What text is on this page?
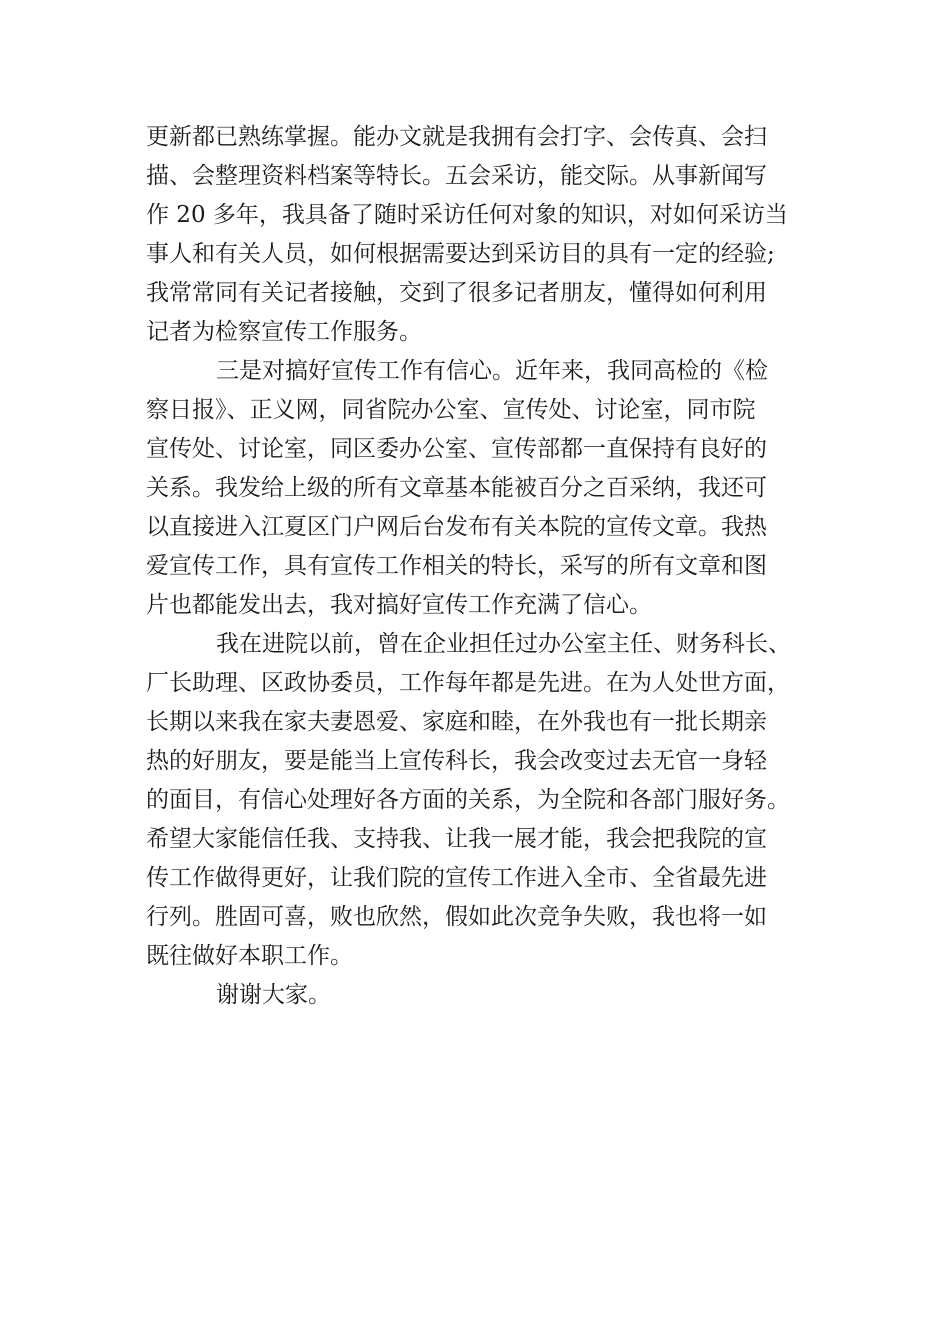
更新都已熟练掌握。能办文就是我拥有会打字、会传真、会扫
描、会整理资料档案等特长。五会采访，能交际。从事新闻写
作 20 多年，我具备了随时采访任何对象的知识，对如何采访当
事人和有关人员，如何根据需要达到采访目的具有一定的经验;
我常常同有关记者接触，交到了很多记者朋友，懂得如何利用
记者为检察宣传工作服务。
三是对搞好宣传工作有信心。近年来，我同高检的《检
察日报》、正义网，同省院办公室、宣传处、讨论室，同市院
宣传处、讨论室，同区委办公室、宣传部都一直保持有良好的
关系。我发给上级的所有文章基本能被百分之百采纳，我还可
以直接进入江夏区门户网后台发布有关本院的宣传文章。我热
爱宣传工作，具有宣传工作相关的特长，采写的所有文章和图
片也都能发出去，我对搞好宣传工作充满了信心。
我在进院以前，曾在企业担任过办公室主任、财务科长、
厂长助理、区政协委员，工作每年都是先进。在为人处世方面，
长期以来我在家夫妻恩爱、家庭和睦，在外我也有一批长期亲
热的好朋友，要是能当上宣传科长，我会改变过去无官一身轻
的面目，有信心处理好各方面的关系，为全院和各部门服好务。
希望大家能信任我、支持我、让我一展才能，我会把我院的宣
传工作做得更好，让我们院的宣传工作进入全市、全省最先进
行列。胜固可喜，败也欣然，假如此次竞争失败，我也将一如
既往做好本职工作。
谢谢大家。
